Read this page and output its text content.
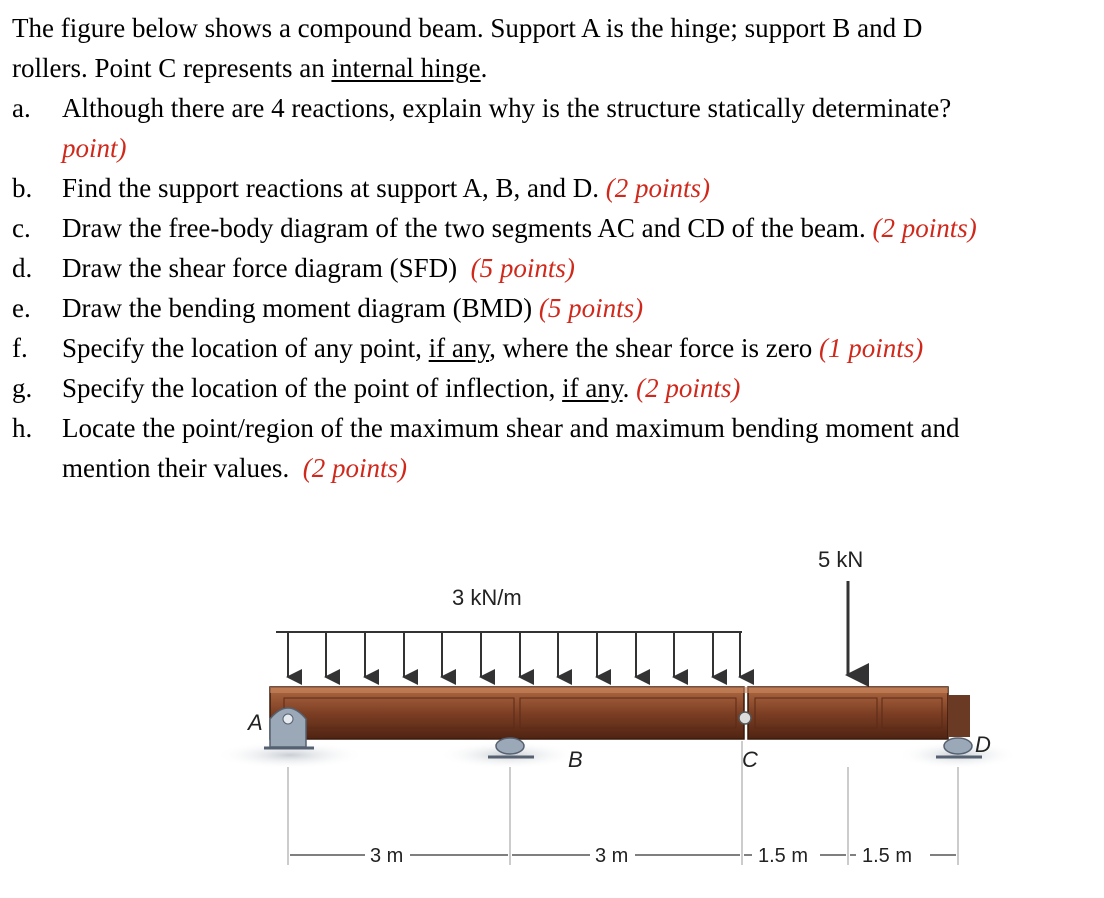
The figure below shows a compound beam. Support A is the hinge; support B and D
rollers. Point C represents an internal hinge.

a.	Although there are 4 reactions, explain why is the structure statically determinate?
point)
b.	Find the support reactions at support A, B, and D. (2 points)
c.	Draw the free-body diagram of the two segments AC and CD of the beam. (2 points)
d.	Draw the shear force diagram (SFD) (5 points)
e.	Draw the bending moment diagram (BMD) (5 points)
f.	Specify the location of any point, if any, where the shear force is zero (1 points)
g.	Specify the location of the point of inflection, if any. (2 points)
h.	Locate the point/region of the maximum shear and maximum bending moment and
mention their values. (2 points)
5 kN
3 kN/m
A
B	C
D
3 m	3 m	1.5 m	1.5 m
